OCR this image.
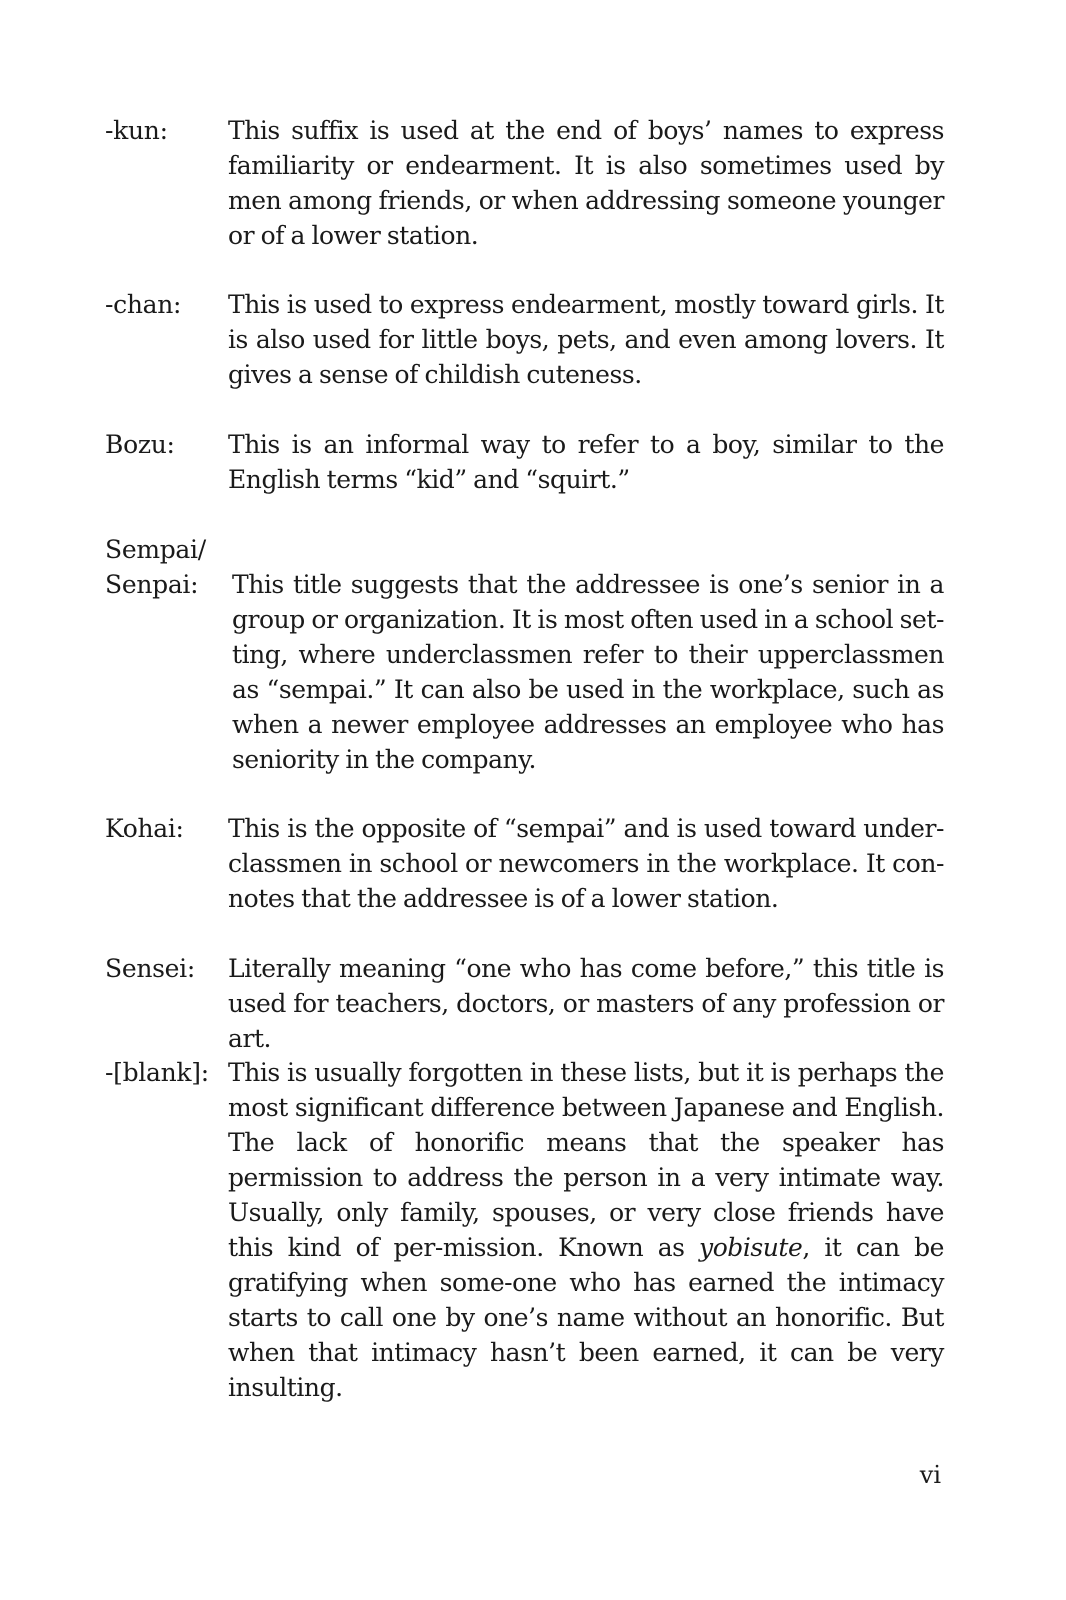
-kun:	This suffix is used at the end of boys’ names to express familiarity or endearment. It is also sometimes used by men among friends, or when addressing someone younger or of a lower station.
-chan:	This is used to express endearment, mostly toward girls. It is also used for little boys, pets, and even among lovers. It gives a sense of childish cuteness.
Bozu:	This is an informal way to refer to a boy, similar to the English terms “kid” and “squirt.”
Sempai/
Senpai:	This title suggests that the addressee is one’s senior in a group or organization. It is most often used in a school set-ting, where underclassmen refer to their upperclassmen as “sempai.” It can also be used in the workplace, such as when a newer employee addresses an employee who has seniority in the company.
Kohai:	This is the opposite of “sempai” and is used toward under-classmen in school or newcomers in the workplace. It con-notes that the addressee is of a lower station.
Sensei:	Literally meaning “one who has come before,” this title is used for teachers, doctors, or masters of any profession or art.
-[blank]: This is usually forgotten in these lists, but it is perhaps the most significant difference between Japanese and English. The lack of honorific means that the speaker has permission to address the person in a very intimate way. Usually, only family, spouses, or very close friends have this kind of per-mission. Known as yobisute, it can be gratifying when some-one who has earned the intimacy starts to call one by one’s name without an honorific. But when that intimacy hasn’t been earned, it can be very insulting.
vi
